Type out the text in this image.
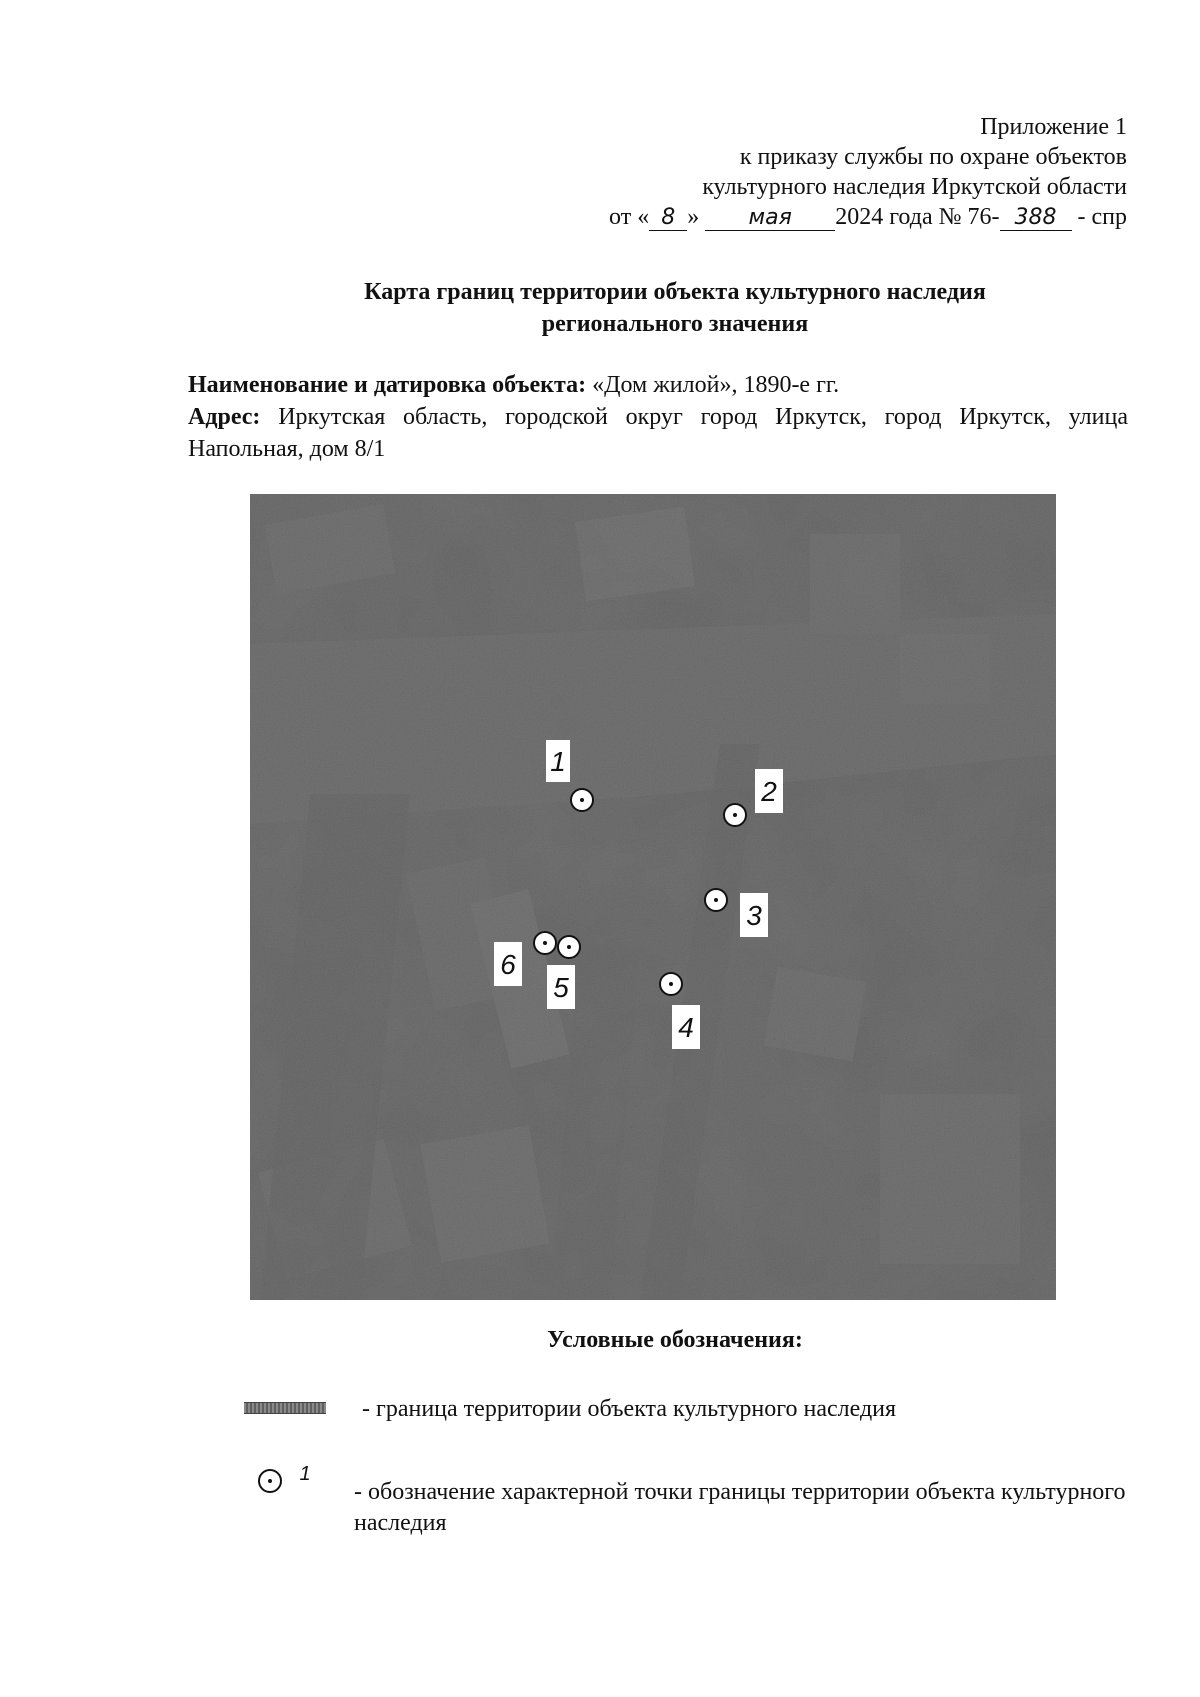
Приложение 1
к приказу службы по охране объектов
культурного наследия Иркутской области
от « 8 » мая 2024 года № 76- 388 - спр
Карта границ территории объекта культурного наследия
регионального значения
Наименование и датировка объекта: «Дом жилой», 1890-е гг.
Адрес: Иркутская область, городской округ город Иркутск, город Иркутск, улица Напольная, дом 8/1
1
2
3
4
5
6
Условные обозначения:
- граница территории объекта культурного наследия
1
- обозначение характерной точки границы территории объекта культурного наследия
